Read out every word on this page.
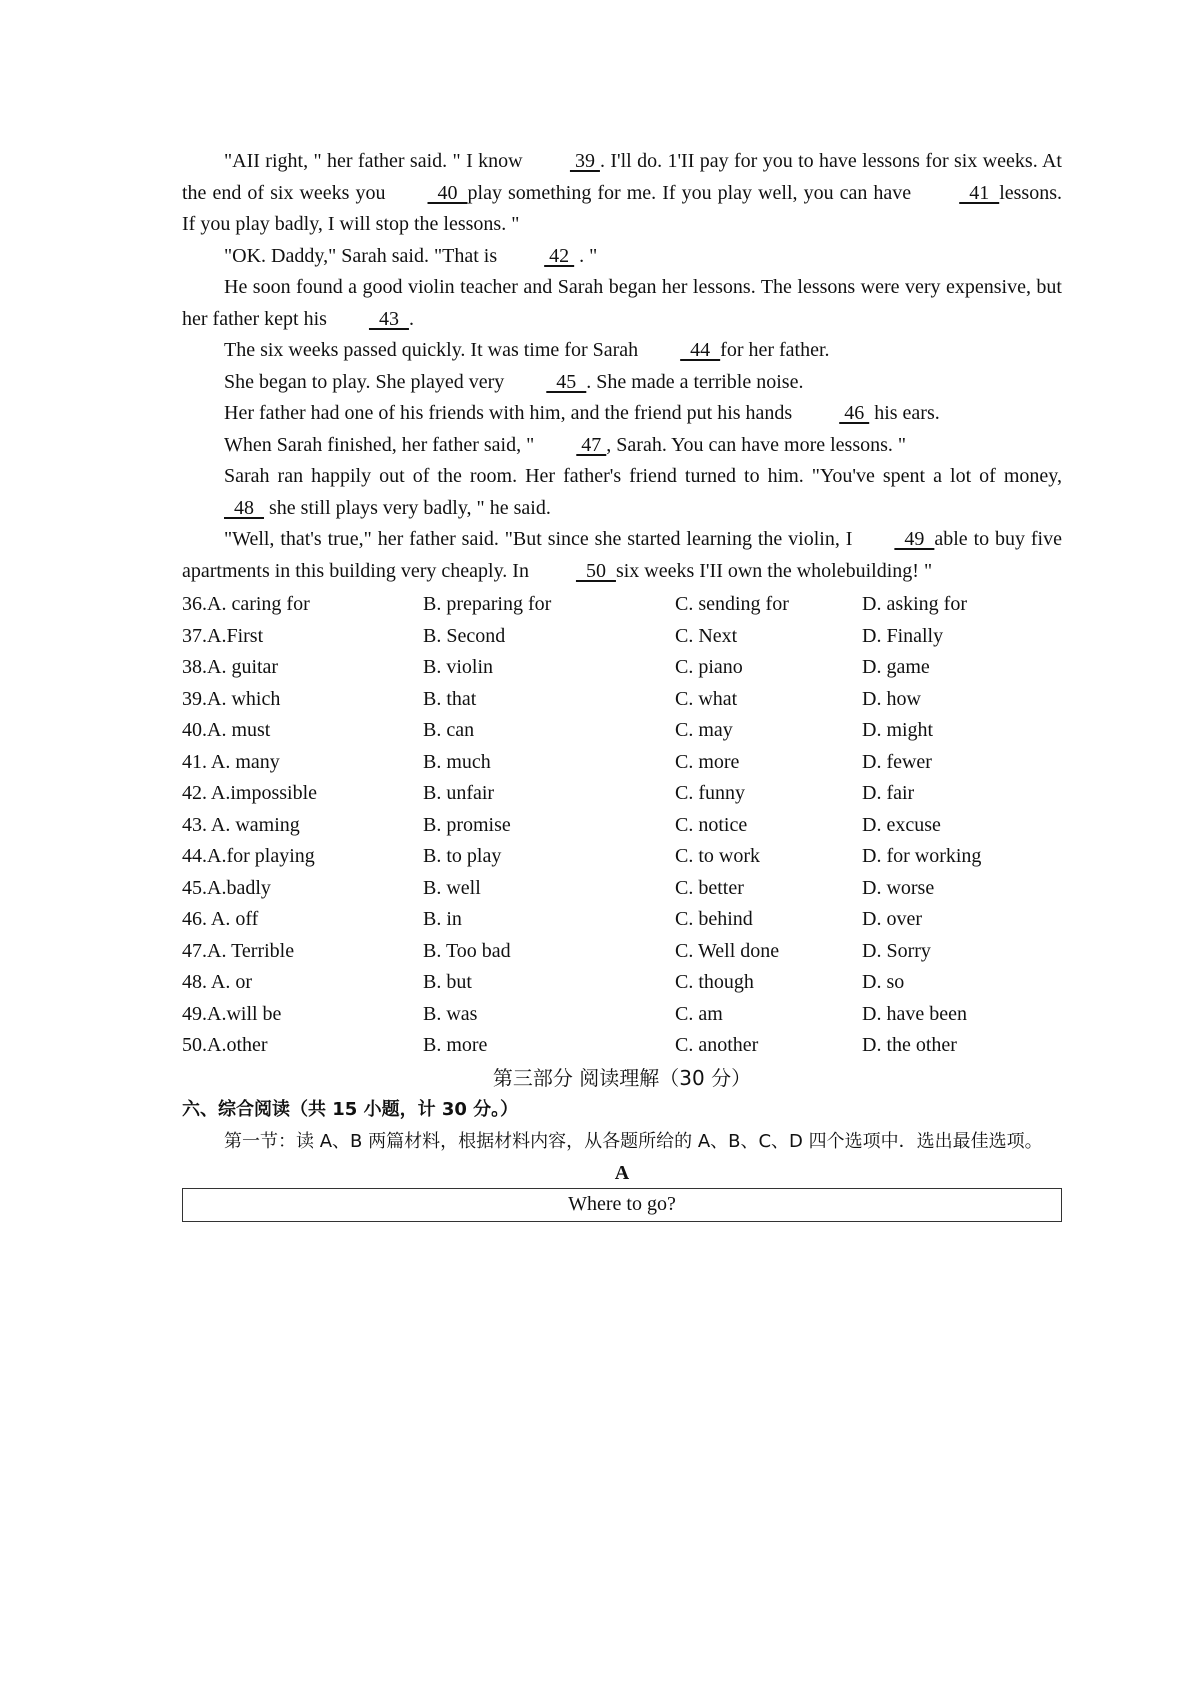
"AII right, " her father said. " I know  39 . I'll do. 1'II pay for you to have lessons for six weeks. At the end of six weeks you  40  play something for me. If you play well, you can have   41  lessons. If you play badly, I will stop the lessons. "

"OK. Daddy," Sarah said. "That is  42  . "

He soon found a good violin teacher and Sarah began her lessons. The lessons were very expensive, but her father kept his  43  .

The six weeks passed quickly. It was time for Sarah  44  for her father.

She began to play. She played very  45  . She made a terrible noise.

Her father had one of his friends with him, and the friend put his hands  46  his ears.

When Sarah finished, her father said, " 47 , Sarah. You can have more lessons. "

Sarah ran happily out of the room. Her father's friend turned to him. "You've spent a lot of money,   48   she still plays very badly, " he said.

"Well, that's true," her father said. "But since she started learning the violin, I  49  able to buy five apartments in this building very cheaply. In   50  six weeks I'II own the wholebuilding! "

36.A. caring for	B. preparing for	C. sending for	D. asking for
37.A.First	B. Second	C. Next	D. Finally
38.A. guitar	B. violin	C. piano	D. game
39.A. which	B. that	C. what	D. how
40.A. must	B. can	C. may	D. might
41. A. many	B. much	C. more	D. fewer
42. A.impossible	B. unfair	C. funny	D. fair
43. A. waming	B. promise	C. notice	D. excuse
44.A.for playing	B. to play	C. to work	D. for working
45.A.badly	B. well	C. better	D. worse
46. A. off	B. in	C. behind	D. over
47.A. Terrible	B. Too bad	C. Well done	D. Sorry
48. A. or	B. but	C. though	D. so
49.A.will be	B. was	C. am	D. have been
50.A.other	B. more	C. another	D. the other

第三部分 阅读理解（30 分）

六、综合阅读（共 15 小题，计 30 分。）

第一节：读 A、B 两篇材料，根据材料内容，从各题所给的 A、B、C、D 四个选项中．选出最佳选项。

A

Where to go?
